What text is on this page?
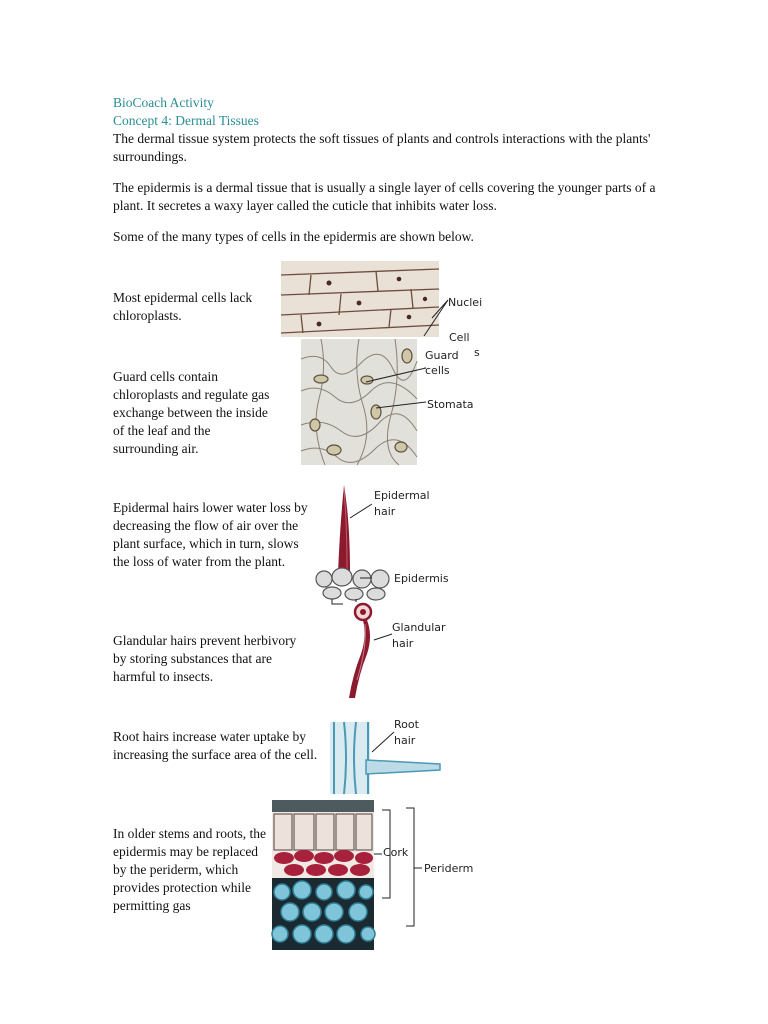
BioCoach Activity

Concept 4: Dermal Tissues

The dermal tissue system protects the soft tissues of plants and controls interactions with the plants' surroundings.

The epidermis is a dermal tissue that is usually a single layer of cells covering the younger parts of a plant. It secretes a waxy layer called the cuticle that inhibits water loss.

Some of the many types of cells in the epidermis are shown below.

Most epidermal cells lack chloroplasts.

Nuclei
Cell
s

Guard cells contain chloroplasts and regulate gas exchange between the inside of the leaf and the surrounding air.

Guard
cells
Stomata

Epidermal hairs lower water loss by decreasing the flow of air over the plant surface, which in turn, slows the loss of water from the plant.

Epidermal
hair
Epidermis

Glandular hairs prevent herbivory by storing substances that are harmful to insects.

Glandular
hair

Root hairs increase water uptake by increasing the surface area of the cell.

Root
hair

In older stems and roots, the epidermis may be replaced by the periderm, which provides protection while permitting gas

Cork
Periderm
